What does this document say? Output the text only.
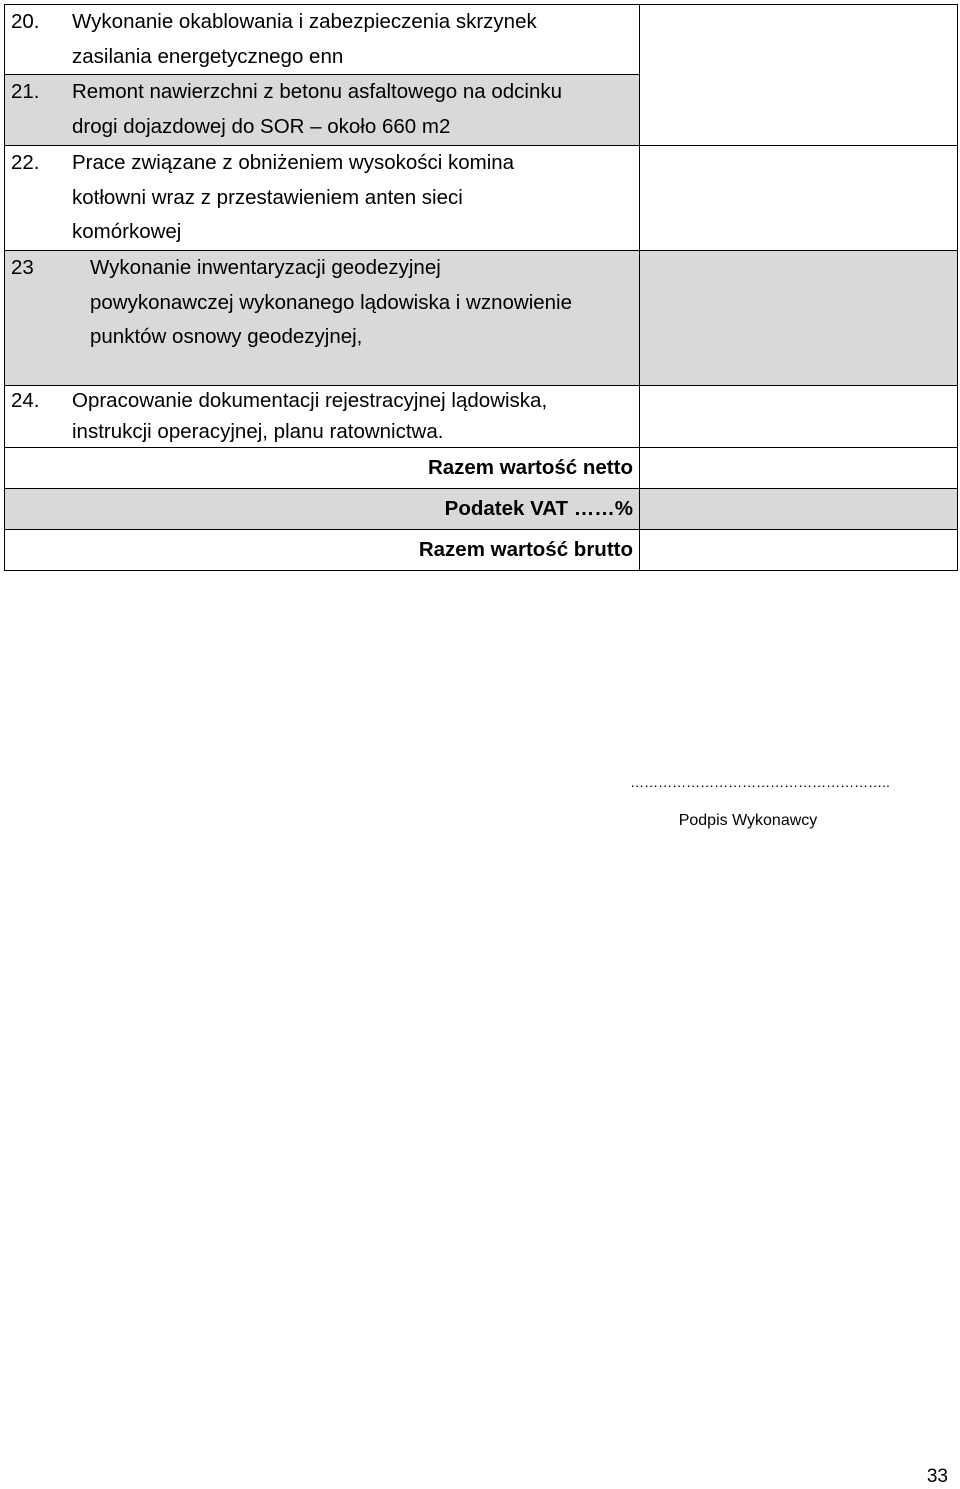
20. Wykonanie okablowania i zabezpieczenia skrzynek
zasilania energetycznego enn	

21. Remont nawierzchni z betonu asfaltowego na odcinku
drogi dojazdowej do SOR – około 660 m2	

22. Prace związane z obniżeniem wysokości komina
kotłowni wraz z przestawieniem anten sieci
komórkowej	

23 Wykonanie inwentaryzacji geodezyjnej
powykonawczej wykonanego lądowiska i wznowienie
punktów osnowy geodezyjnej,	

24. Opracowanie dokumentacji rejestracyjnej lądowiska,
instrukcji operacyjnej, planu ratownictwa.	

Razem wartość netto	
Podatek VAT ……%	
Razem wartość brutto	
………………………………………………..
Podpis Wykonawcy
33
